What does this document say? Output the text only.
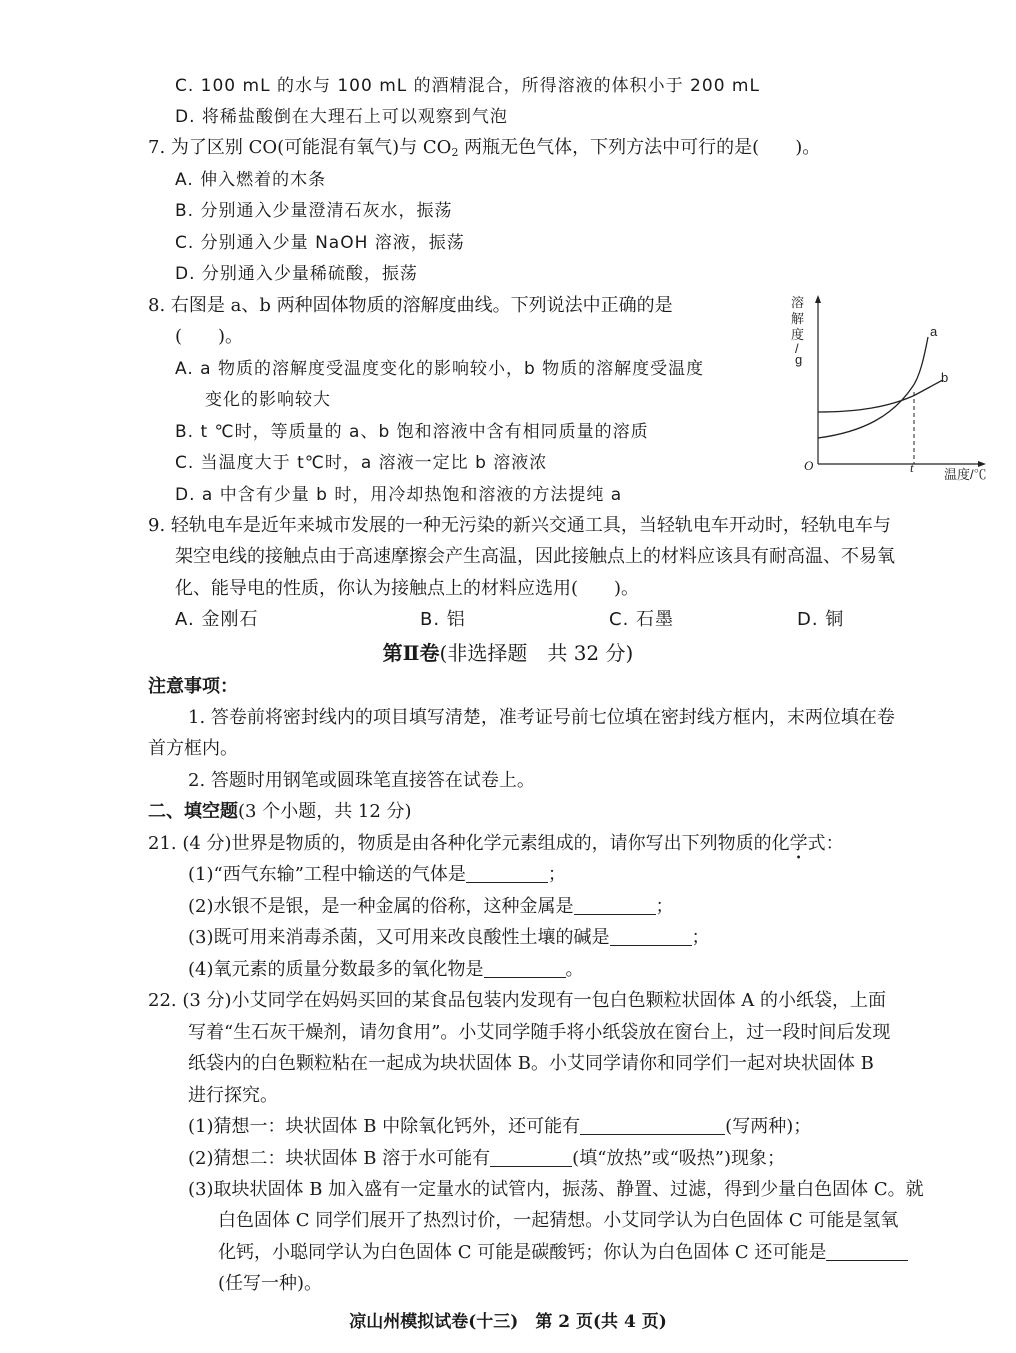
C. 100 mL 的水与 100 mL 的酒精混合，所得溶液的体积小于 200 mL
D. 将稀盐酸倒在大理石上可以观察到气泡
7. 为了区别 CO(可能混有氧气)与 $CO_2$ 两瓶无色气体，下列方法中可行的是(　　)。
A. 伸入燃着的木条
B. 分别通入少量澄清石灰水，振荡
C. 分别通入少量 NaOH 溶液，振荡
D. 分别通入少量稀硫酸，振荡
8. 右图是 a、b 两种固体物质的溶解度曲线。下列说法中正确的是
(　　)。
A. a 物质的溶解度受温度变化的影响较小，b 物质的溶解度受温度
变化的影响较大
B. t ℃时，等质量的 a、b 饱和溶液中含有相同质量的溶质
C. 当温度大于 t℃时，a 溶液一定比 b 溶液浓
D. a 中含有少量 b 时，用冷却热饱和溶液的方法提纯 a
溶
解
度
/
g
a
b
O	t 温度/℃
9. 轻轨电车是近年来城市发展的一种无污染的新兴交通工具，当轻轨电车开动时，轻轨电车与
架空电线的接触点由于高速摩擦会产生高温，因此接触点上的材料应该具有耐高温、不易氧
化、能导电的性质，你认为接触点上的材料应选用(　　)。
A. 金刚石	B. 铝	C. 石墨	D. 铜
第Ⅱ卷(非选择题　共 32 分)
注意事项：
1. 答卷前将密封线内的项目填写清楚，准考证号前七位填在密封线方框内，末两位填在卷
首方框内。
2. 答题时用钢笔或圆珠笔直接答在试卷上。
二、填空题(3 个小题，共 12 分)
21. (4 分)世界是物质的，物质是由各种化学元素组成的，请你写出下列物质的化学式：
(1)“西气东输”工程中输送的气体是	；
(2)水银不是银，是一种金属的俗称，这种金属是	；
(3)既可用来消毒杀菌，又可用来改良酸性土壤的碱是	；
(4)氧元素的质量分数最多的氧化物是	。
22. (3 分)小艾同学在妈妈买回的某食品包装内发现有一包白色颗粒状固体 A 的小纸袋，上面
写着“生石灰干燥剂，请勿食用”。小艾同学随手将小纸袋放在窗台上，过一段时间后发现
纸袋内的白色颗粒粘在一起成为块状固体 B。小艾同学请你和同学们一起对块状固体 B
进行探究。
(1)猜想一：块状固体 B 中除氧化钙外，还可能有	(写两种)；
(2)猜想二：块状固体 B 溶于水可能有	(填“放热”或“吸热”)现象；
(3)取块状固体 B 加入盛有一定量水的试管内，振荡、静置、过滤，得到少量白色固体 C。就
白色固体 C 同学们展开了热烈讨价，一起猜想。小艾同学认为白色固体 C 可能是氢氧
化钙，小聪同学认为白色固体 C 可能是碳酸钙；你认为白色固体 C 还可能是
(任写一种)。
凉山州模拟试卷(十三)　第 2 页(共 4 页)
